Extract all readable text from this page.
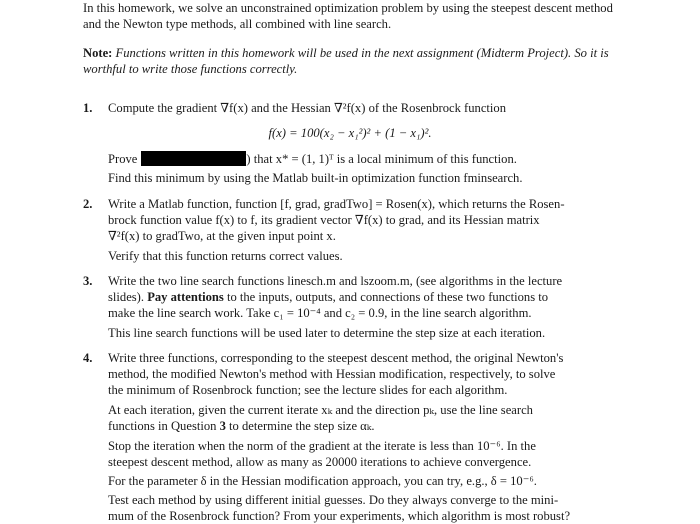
In this homework, we solve an unconstrained optimization problem by using the steepest descent method and the Newton type methods, all combined with line search.
Note: Functions written in this homework will be used in the next assignment (Midterm Project). So it is worthful to write those functions correctly.
1. Compute the gradient ∇f(x) and the Hessian ∇²f(x) of the Rosenbrock function
f(x) = 100(x₂ − x₁²)² + (1 − x₁)².
Prove	) that x* = (1, 1)ᵀ is a local minimum of this function.
Find this minimum by using the Matlab built-in optimization function fminsearch.
2. Write a Matlab function, function [f, grad, gradTwo] = Rosen(x), which returns the Rosen-
brock function value f(x) to f, its gradient vector ∇f(x) to grad, and its Hessian matrix
∇²f(x) to gradTwo, at the given input point x.
Verify that this function returns correct values.
3. Write the two line search functions linesch.m and lszoom.m, (see algorithms in the lecture
slides). Pay attentions to the inputs, outputs, and connections of these two functions to
make the line search work. Take c₁ = 10⁻⁴ and c₂ = 0.9, in the line search algorithm.
This line search functions will be used later to determine the step size at each iteration.
4. Write three functions, corresponding to the steepest descent method, the original Newton's
method, the modified Newton's method with Hessian modification, respectively, to solve
the minimum of Rosenbrock function; see the lecture slides for each algorithm.
At each iteration, given the current iterate xₖ and the direction pₖ, use the line search
functions in Question 3 to determine the step size αₖ.
Stop the iteration when the norm of the gradient at the iterate is less than 10⁻⁶. In the
steepest descent method, allow as many as 20000 iterations to achieve convergence.
For the parameter δ in the Hessian modification approach, you can try, e.g., δ = 10⁻⁶.
Test each method by using different initial guesses. Do they always converge to the mini-
mum of the Rosenbrock function? From your experiments, which algorithm is most robust?
